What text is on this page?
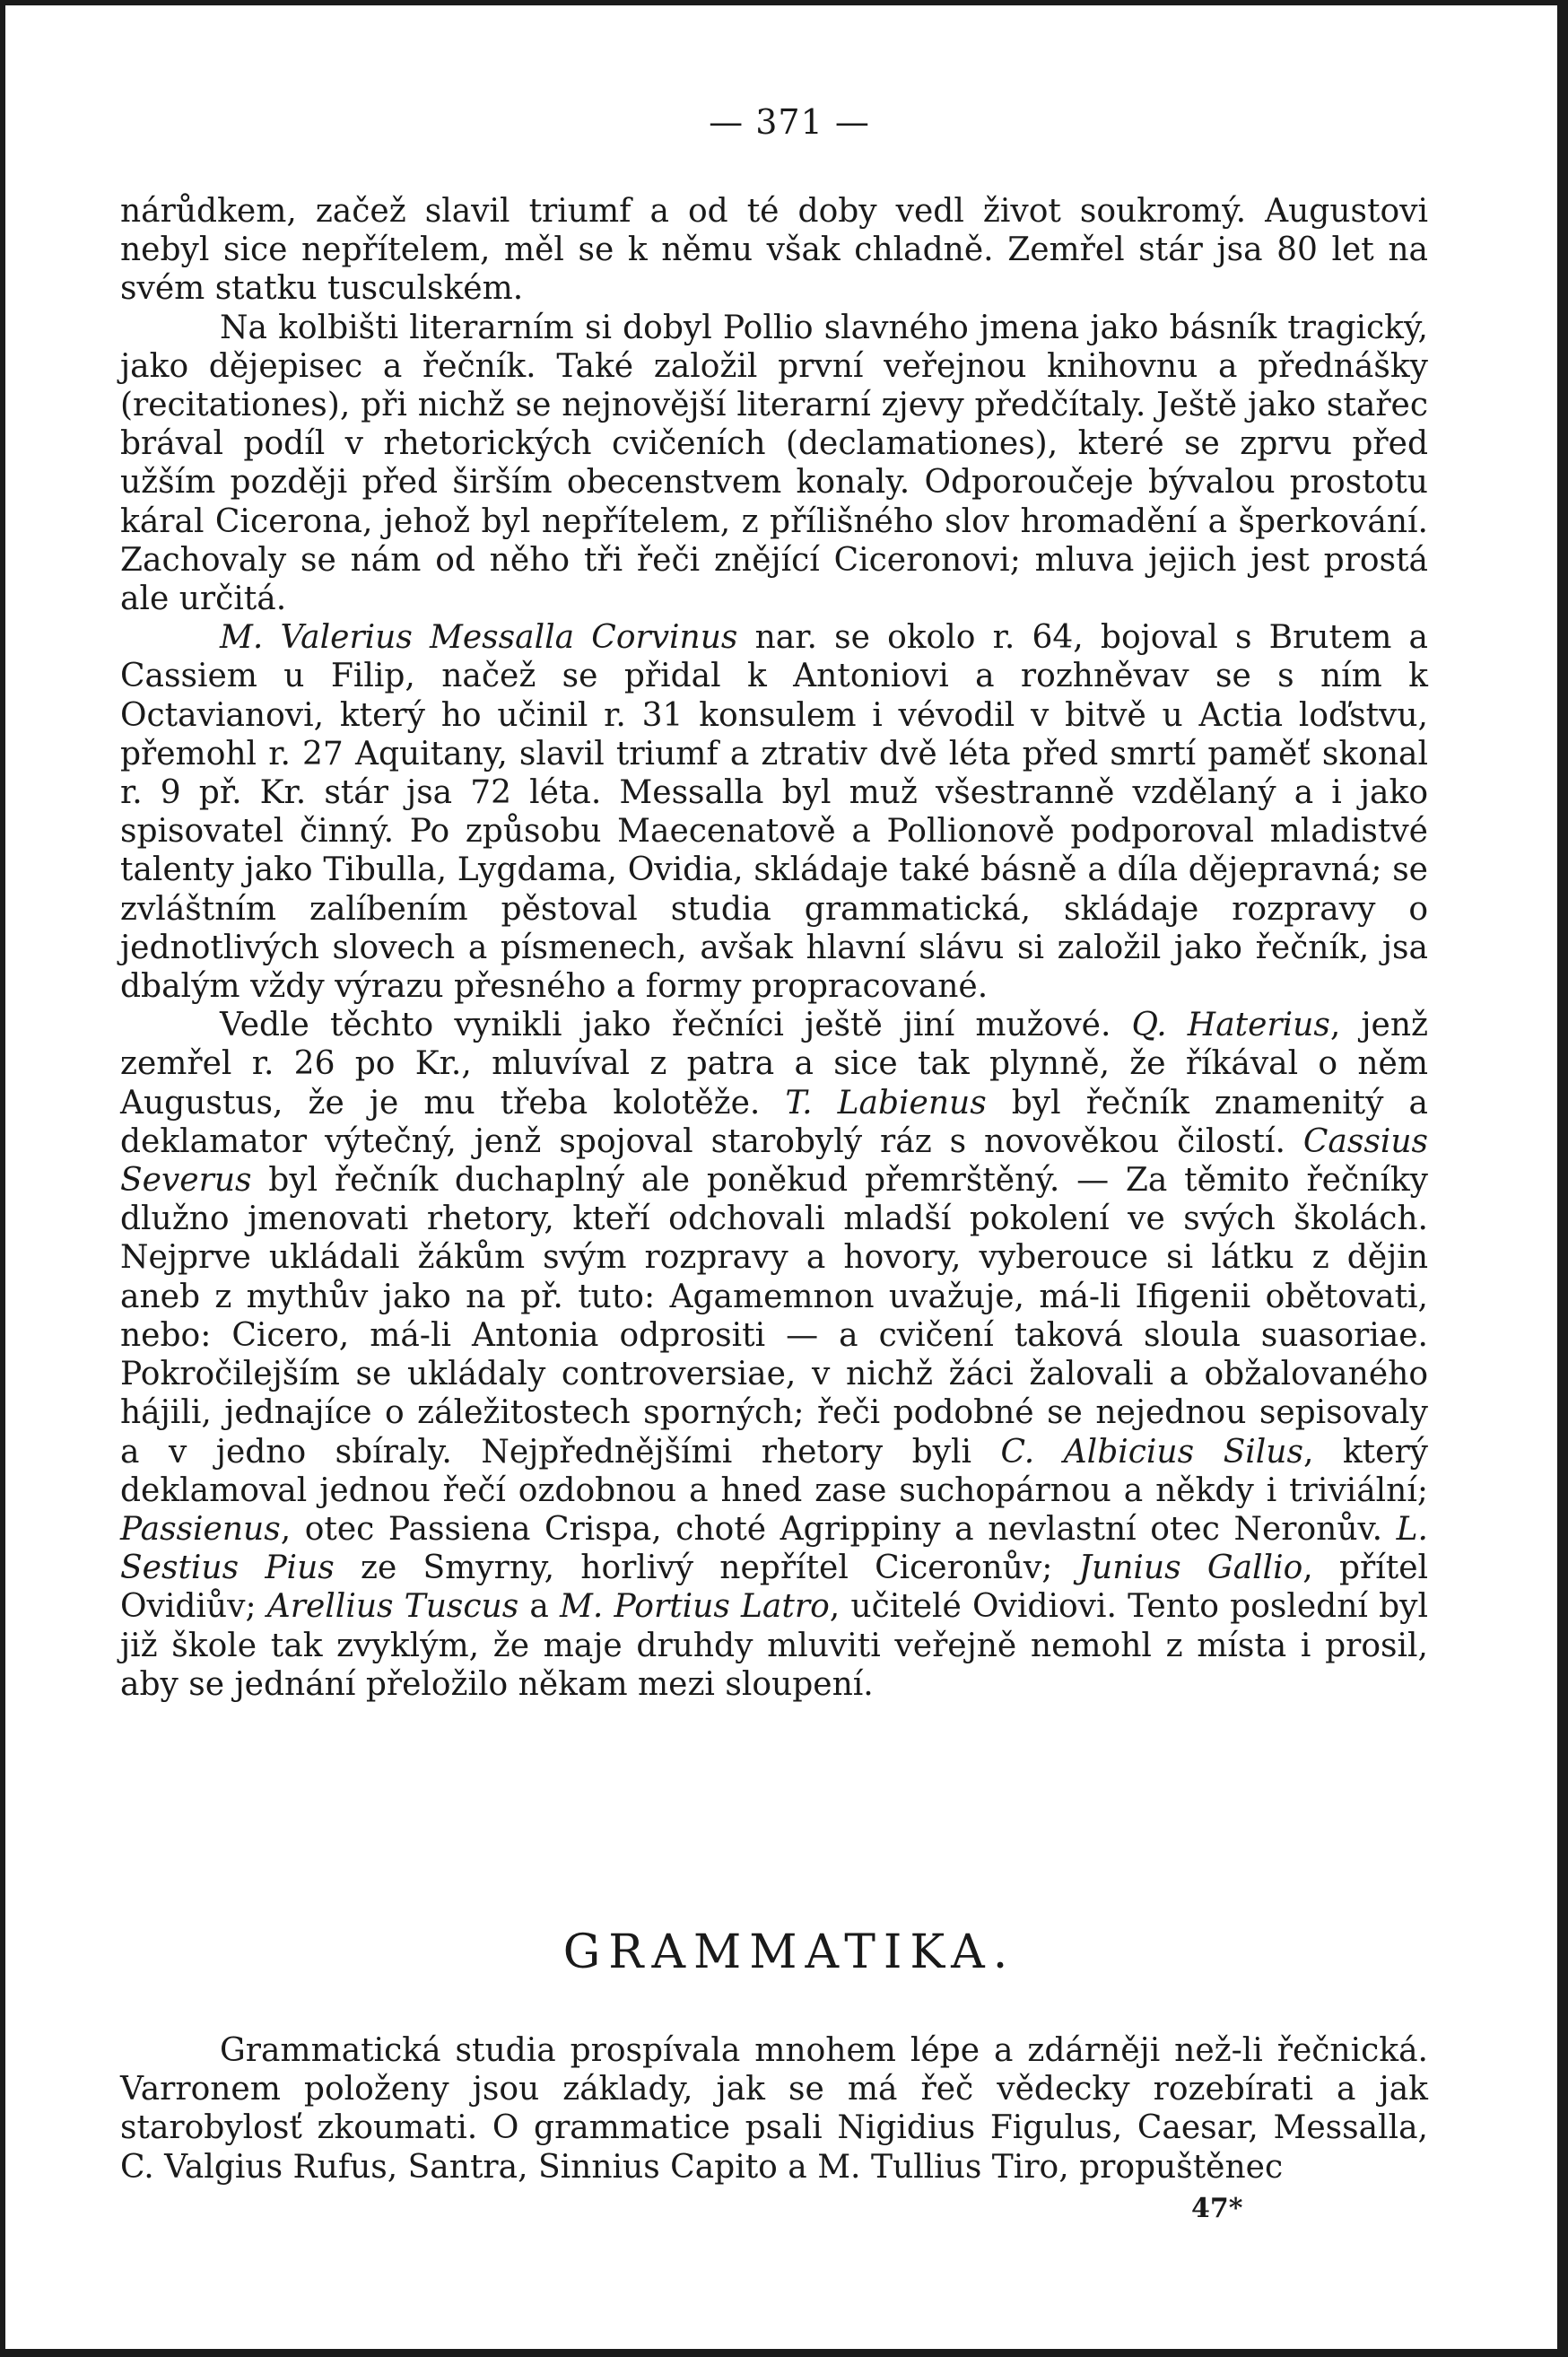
— 371 —

nárůdkem, začež slavil triumf a od té doby vedl život soukromý. Augustovi nebyl sice nepřítelem, měl se k němu však chladně. Zemřel stár jsa 80 let na svém statku tusculském.

Na kolbišti literarním si dobyl Pollio slavného jmena jako básník tragický, jako dějepisec a řečník. Také založil první veřejnou knihovnu a přednášky (recitationes), při nichž se nejnovější literarní zjevy předčítaly. Ještě jako stařec brával podíl v rhetorických cvičeních (declamationes), které se zprvu před užším později před širším obecenstvem konaly. Odporoučeje bývalou prostotu káral Cicerona, jehož byl nepřítelem, z přílišného slov hromadění a šperkování. Zachovaly se nám od něho tři řeči znějící Ciceronovi; mluva jejich jest prostá ale určitá.

M. Valerius Messalla Corvinus nar. se okolo r. 64, bojoval s Brutem a Cassiem u Filip, načež se přidal k Antoniovi a rozhněvav se s ním k Octavianovi, který ho učinil r. 31 konsulem i vévodil v bitvě u Actia loďstvu, přemohl r. 27 Aquitany, slavil triumf a ztrativ dvě léta před smrtí paměť skonal r. 9 př. Kr. stár jsa 72 léta. Messalla byl muž všestranně vzdělaný a i jako spisovatel činný. Po způsobu Maecenatově a Pollionově podporoval mladistvé talenty jako Tibulla, Lygdama, Ovidia, skládaje také básně a díla dějepravná; se zvláštním zalíbením pěstoval studia grammatická, skládaje rozpravy o jednotlivých slovech a písmenech, avšak hlavní slávu si založil jako řečník, jsa dbalým vždy výrazu přesného a formy propracované.

Vedle těchto vynikli jako řečníci ještě jiní mužové. Q. Haterius, jenž zemřel r. 26 po Kr., mluvíval z patra a sice tak plynně, že říkával o něm Augustus, že je mu třeba kolotěže. T. Labienus byl řečník znamenitý a deklamator výtečný, jenž spojoval starobylý ráz s novověkou čilostí. Cassius Severus byl řečník duchaplný ale poněkud přemrštěný. — Za těmito řečníky dlužno jmenovati rhetory, kteří odchovali mladší pokolení ve svých školách. Nejprve ukládali žákům svým rozpravy a hovory, vyberouce si látku z dějin aneb z mythův jako na př. tuto: Agamemnon uvažuje, má-li Ifigenii obětovati, nebo: Cicero, má-li Antonia odprositi — a cvičení taková sloula suasoriae. Pokročilejším se ukládaly controversiae, v nichž žáci žalovali a obžalovaného hájili, jednajíce o záležitostech sporných; řeči podobné se nejednou sepisovaly a v jedno sbíraly. Nejpřednějšími rhetory byli C. Albicius Silus, který deklamoval jednou řečí ozdobnou a hned zase suchopárnou a někdy i triviální; Passienus, otec Passiena Crispa, choté Agrippiny a nevlastní otec Neronův. L. Sestius Pius ze Smyrny, horlivý nepřítel Ciceronův; Junius Gallio, přítel Ovidiův; Arellius Tuscus a M. Portius Latro, učitelé Ovidiovi. Tento poslední byl již škole tak zvyklým, že maje druhdy mluviti veřejně nemohl z místa i prosil, aby se jednání přeložilo někam mezi sloupení.

GRAMMATIKA.

Grammatická studia prospívala mnohem lépe a zdárněji než-li řečnická. Varronem položeny jsou základy, jak se má řeč vědecky rozebírati a jak starobylosť zkoumati. O grammatice psali Nigidius Figulus, Caesar, Messalla, C. Valgius Rufus, Santra, Sinnius Capito a M. Tullius Tiro, propuštěnec

47*
